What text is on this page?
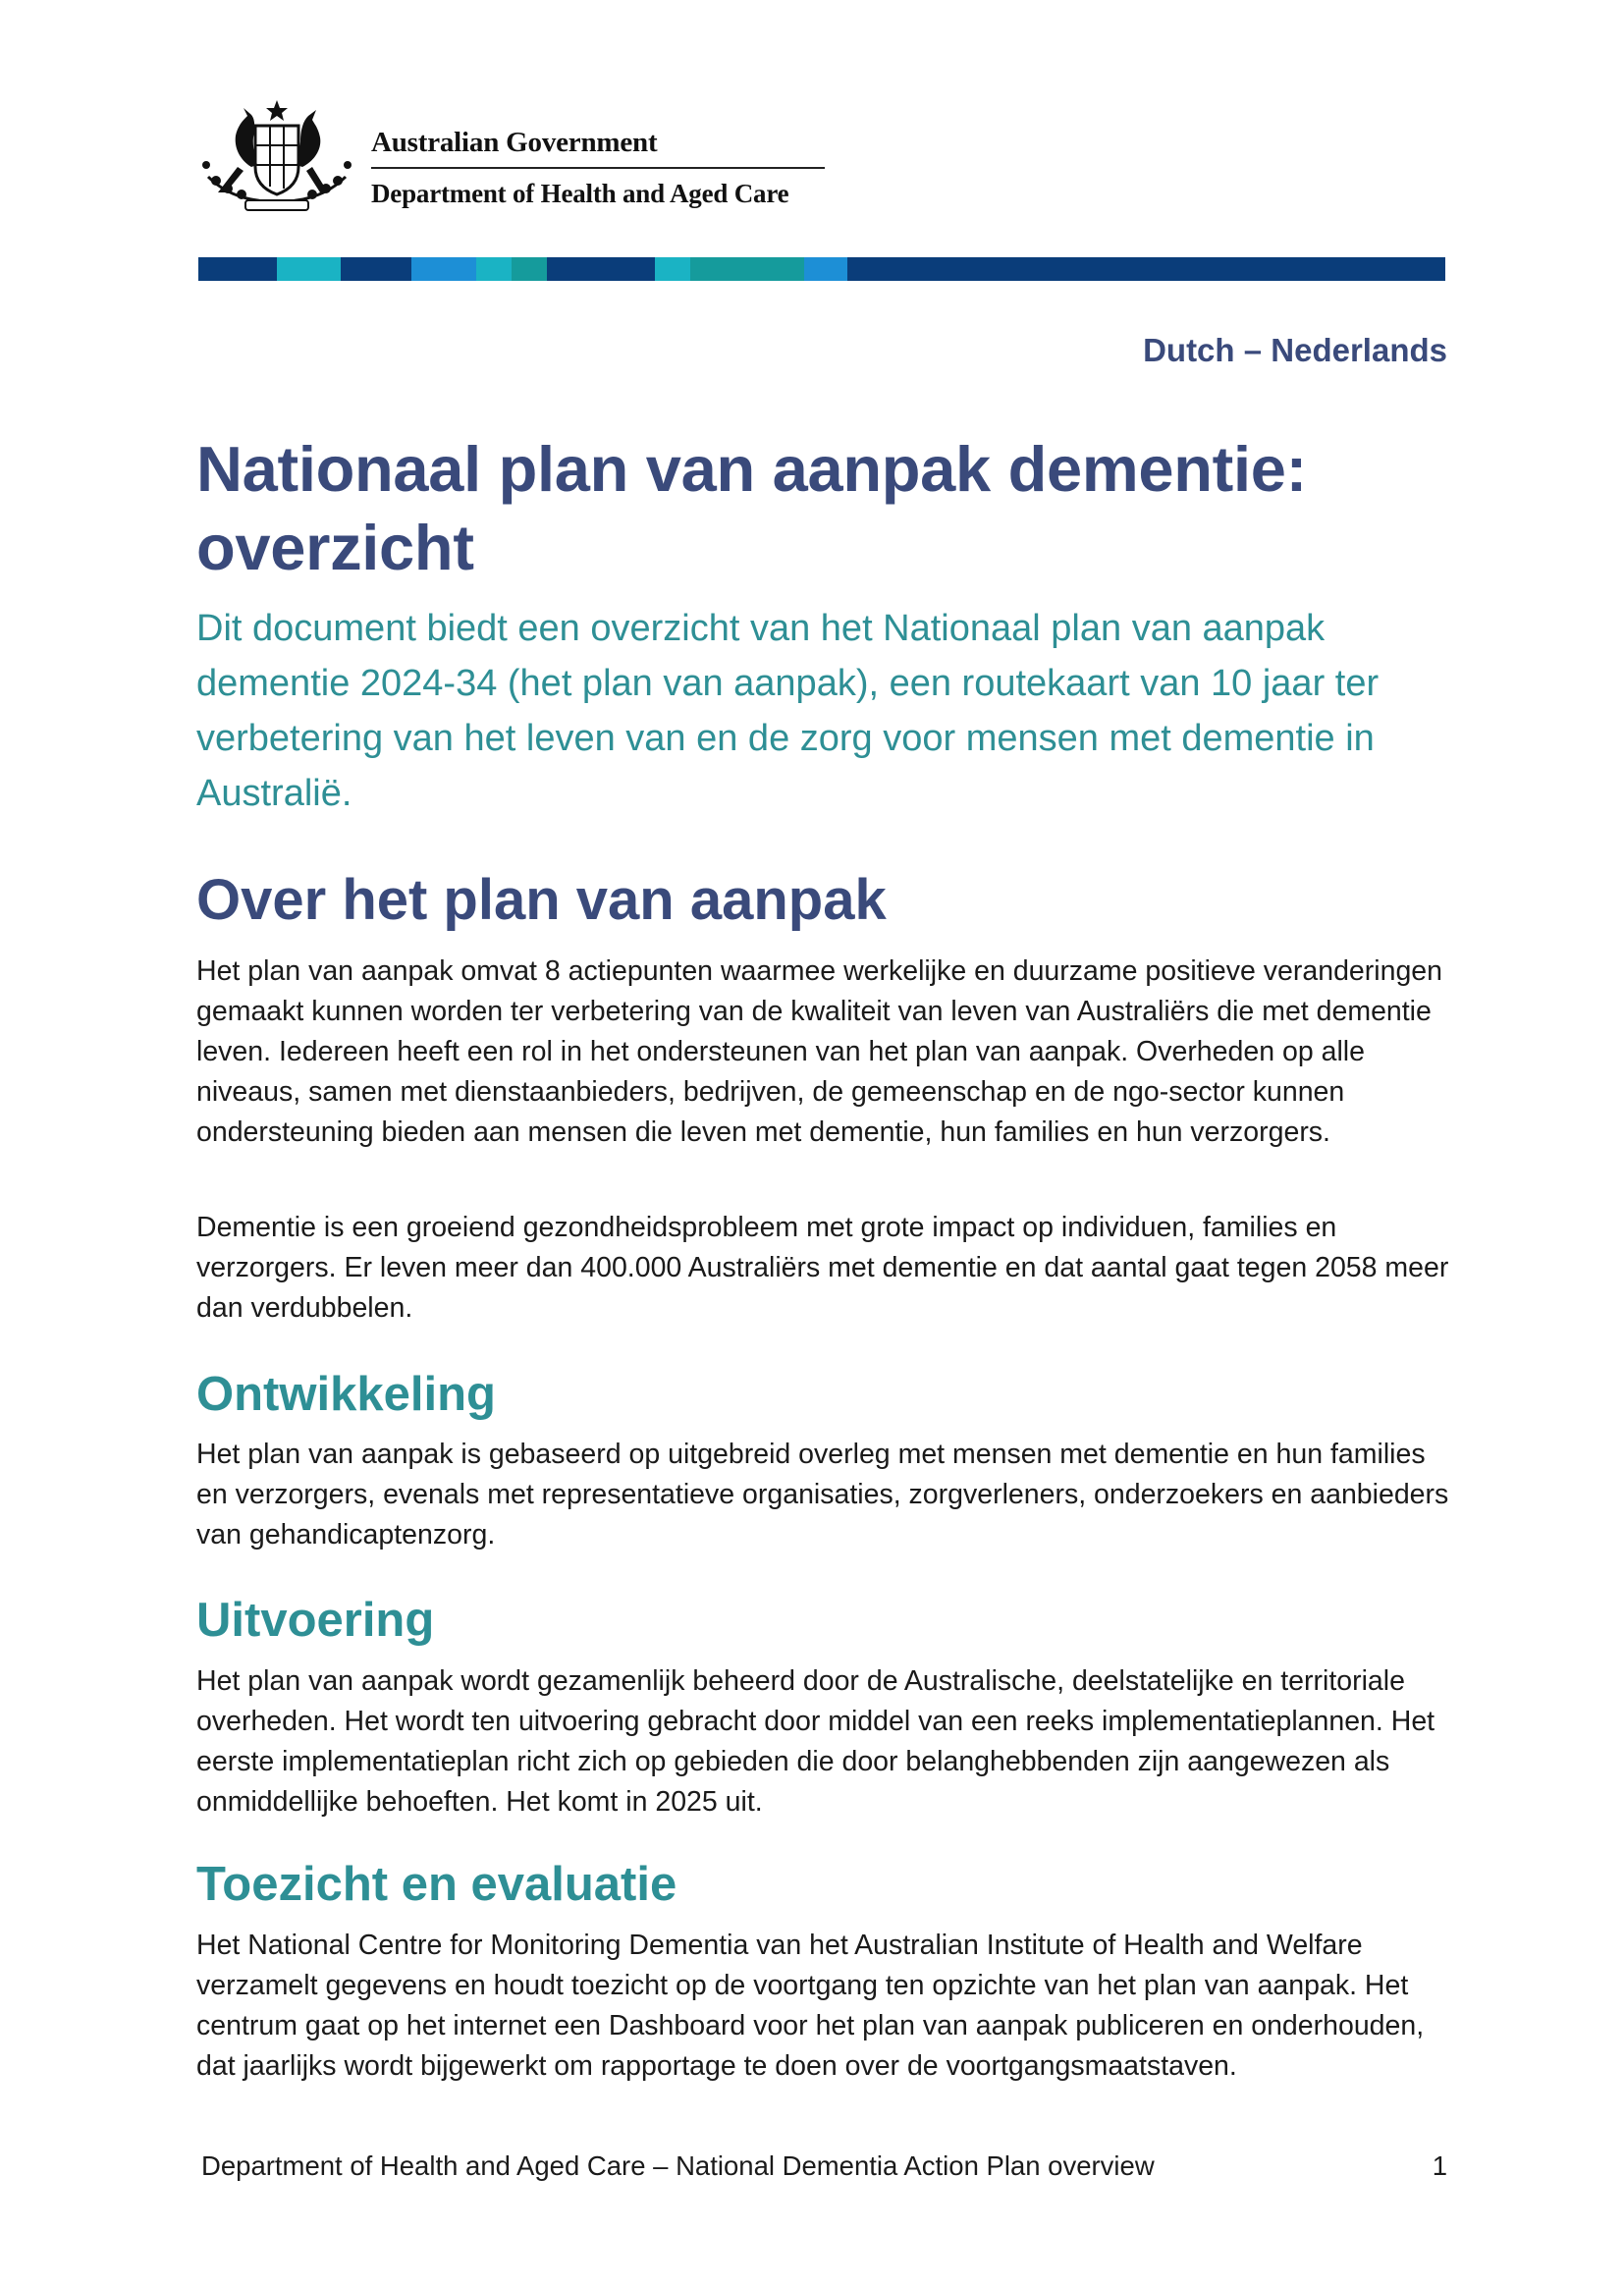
Australian Government
Department of Health and Aged Care
Dutch – Nederlands
Nationaal plan van aanpak dementie: overzicht

Dit document biedt een overzicht van het Nationaal plan van aanpak dementie 2024-34 (het plan van aanpak), een routekaart van 10 jaar ter verbetering van het leven van en de zorg voor mensen met dementie in Australië.

Over het plan van aanpak

Het plan van aanpak omvat 8 actiepunten waarmee werkelijke en duurzame positieve veranderingen gemaakt kunnen worden ter verbetering van de kwaliteit van leven van Australiërs die met dementie leven. Iedereen heeft een rol in het ondersteunen van het plan van aanpak. Overheden op alle niveaus, samen met dienstaanbieders, bedrijven, de gemeenschap en de ngo-sector kunnen ondersteuning bieden aan mensen die leven met dementie, hun families en hun verzorgers.

Dementie is een groeiend gezondheidsprobleem met grote impact op individuen, families en verzorgers. Er leven meer dan 400.000 Australiërs met dementie en dat aantal gaat tegen 2058 meer dan verdubbelen.

Ontwikkeling

Het plan van aanpak is gebaseerd op uitgebreid overleg met mensen met dementie en hun families en verzorgers, evenals met representatieve organisaties, zorgverleners, onderzoekers en aanbieders van gehandicaptenzorg.

Uitvoering

Het plan van aanpak wordt gezamenlijk beheerd door de Australische, deelstatelijke en territoriale overheden. Het wordt ten uitvoering gebracht door middel van een reeks implementatieplannen. Het eerste implementatieplan richt zich op gebieden die door belanghebbenden zijn aangewezen als onmiddellijke behoeften. Het komt in 2025 uit.

Toezicht en evaluatie

Het National Centre for Monitoring Dementia van het Australian Institute of Health and Welfare verzamelt gegevens en houdt toezicht op de voortgang ten opzichte van het plan van aanpak. Het centrum gaat op het internet een Dashboard voor het plan van aanpak publiceren en onderhouden, dat jaarlijks wordt bijgewerkt om rapportage te doen over de voortgangsmaatstaven.

Department of Health and Aged Care – National Dementia Action Plan overview	1
